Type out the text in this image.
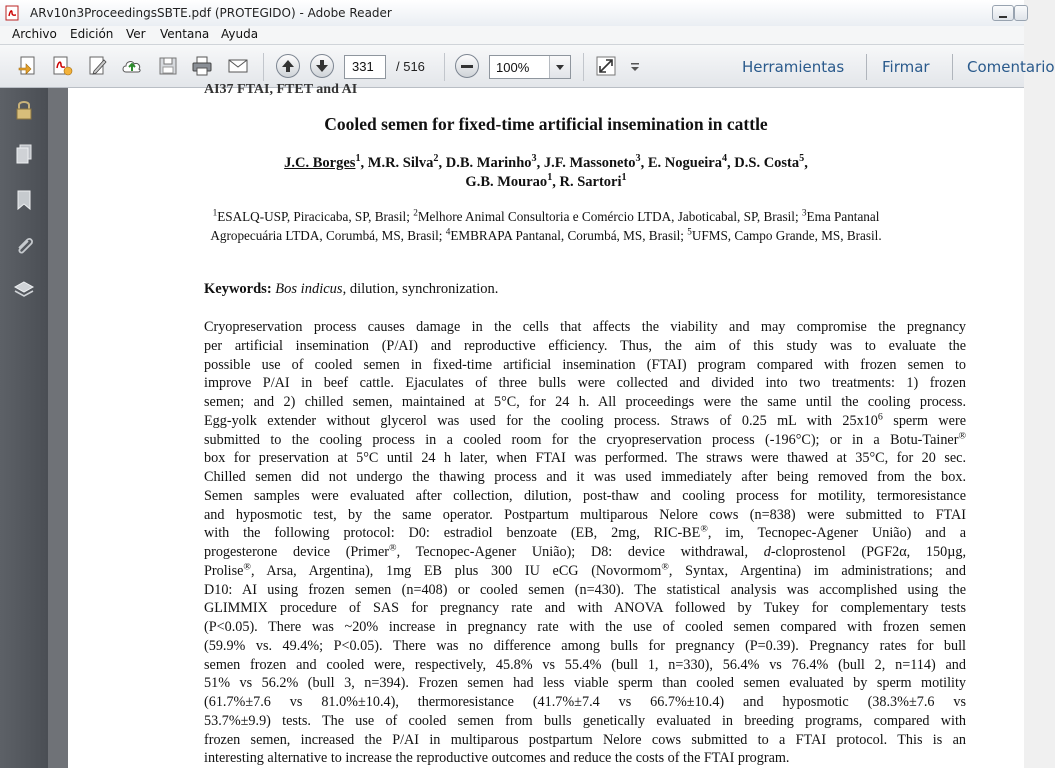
ARv10n3ProceedingsSBTE.pdf (PROTEGIDO) - Adobe Reader
Archivo Edición Ver Ventana Ayuda
331	/ 516	100%	Herramientas	Firmar Comentario
AI37 FTAI, FTET and AI
Cooled semen for fixed-time artificial insemination in cattle
J.C. Borges$^1$, M.R. Silva$^2$, D.B. Marinho$^3$, J.F. Massoneto$^3$, E. Nogueira$^4$, D.S. Costa$^5$,
G.B. Mourao$^1$, R. Sartori$^1$
$^1$ESALQ-USP, Piracicaba, SP, Brasil; $^2$Melhore Animal Consultoria e Comércio LTDA, Jaboticabal, SP, Brasil; $^3$Ema Pantanal
Agropecuária LTDA, Corumbá, MS, Brasil; $^4$EMBRAPA Pantanal, Corumbá, MS, Brasil; $^5$UFMS, Campo Grande, MS, Brasil.
Keywords: Bos indicus, dilution, synchronization.
Cryopreservation process causes damage in the cells that affects the viability and may compromise the pregnancy
per artificial insemination (P/AI) and reproductive efficiency. Thus, the aim of this study was to evaluate the
possible use of cooled semen in fixed-time artificial insemination (FTAI) program compared with frozen semen to
improve P/AI in beef cattle. Ejaculates of three bulls were collected and divided into two treatments: 1) frozen
semen; and 2) chilled semen, maintained at 5°C, for 24 h. All proceedings were the same until the cooling process.
Egg-yolk extender without glycerol was used for the cooling process. Straws of 0.25 mL with $25x10^6$ sperm were
submitted to the cooling process in a cooled room for the cryopreservation process (-196°C); or in a Botu-Tainer®
box for preservation at 5°C until 24 h later, when FTAI was performed. The straws were thawed at 35°C, for 20 sec.
Chilled semen did not undergo the thawing process and it was used immediately after being removed from the box.
Semen samples were evaluated after collection, dilution, post-thaw and cooling process for motility, termoresistance
and hyposmotic test, by the same operator. Postpartum multiparous Nelore cows (n=838) were submitted to FTAI
with the following protocol: D0: estradiol benzoate (EB, 2mg, RIC-BE®, im, Tecnopec-Agener União) and a
progesterone device (Primer®, Tecnopec-Agener União); D8: device withdrawal, d-cloprostenol (PGF2α, 150µg,
Prolise®, Arsa, Argentina), 1mg EB plus 300 IU eCG (Novormom®, Syntax, Argentina) im administrations; and
D10: AI using frozen semen (n=408) or cooled semen (n=430). The statistical analysis was accomplished using the
GLIMMIX procedure of SAS for pregnancy rate and with ANOVA followed by Tukey for complementary tests
(P<0.05). There was ~20% increase in pregnancy rate with the use of cooled semen compared with frozen semen
(59.9% vs. 49.4%; P<0.05). There was no difference among bulls for pregnancy (P=0.39). Pregnancy rates for bull
semen frozen and cooled were, respectively, 45.8% vs 55.4% (bull 1, n=330), 56.4% vs 76.4% (bull 2, n=114) and
51% vs 56.2% (bull 3, n=394). Frozen semen had less viable sperm than cooled semen evaluated by sperm motility
(61.7%±7.6 vs 81.0%±10.4), thermoresistance (41.7%±7.4 vs 66.7%±10.4) and hyposmotic (38.3%±7.6 vs
53.7%±9.9) tests. The use of cooled semen from bulls genetically evaluated in breeding programs, compared with
frozen semen, increased the P/AI in multiparous postpartum Nelore cows submitted to a FTAI protocol. This is an
interesting alternative to increase the reproductive outcomes and reduce the costs of the FTAI program.
